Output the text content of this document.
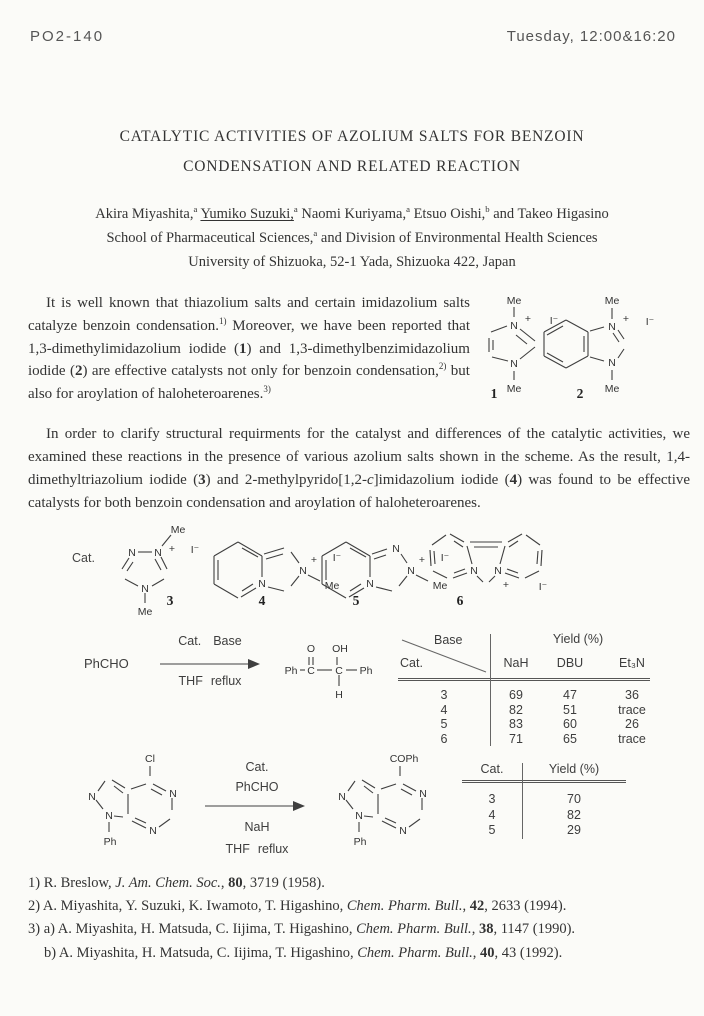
PO2-140	Tuesday, 12:00&16:20
CATALYTIC ACTIVITIES OF AZOLIUM SALTS FOR BENZOIN
CONDENSATION AND RELATED REACTION
Akira Miyashita,$^a$ Yumiko Suzuki,$^a$ Naomi Kuriyama,$^a$ Etsuo Oishi,$^b$ and Takeo Higasino
School of Pharmaceutical Sciences,$^a$ and Division of Environmental Health Sciences
University of Shizuoka, 52-1 Yada, Shizuoka 422, Japan
It is well known that thiazolium salts and certain imidazolium salts catalyze benzoin condensation.$^{1)}$ Moreover, we have been reported that 1,3-dimethylimidazolium iodide (1) and 1,3-dimethylbenzimidazolium iodide (2) are effective catalysts not only for benzoin condensation,$^{2)}$ but also for aroylation of haloheteroarenes.$^{3)}$
Me
N
+ I⁻
N
Me
1
Me
N
+ I⁻
N
Me
2
In order to clarify structural requirments for the catalyst and differences of the catalytic activities, we examined these reactions in the presence of various azolium salts shown in the scheme. As the result, 1,4-dimethyltriazolium iodide (3) and 2-methylpyrido[1,2-c]imidazolium iodide (4) was found to be effective catalysts for both benzoin condensation and aroylation of haloheteroarenes.
Cat.	N N
Me
+ I⁻
N
Me
3
N
N
+ I⁻
Me
4
N
N
N
+ I⁻
Me
5
N N
+	I⁻
6
PhCHO
Cat. Base
THF reflux
O OH
Ph C C Ph
H
Base
Cat.
Yield (%)
NaH	DBU	Et₃N
3	69	47	36
4	82	51	trace
5	83	60	26
6	71	65	trace
Cl
N
N
N
N
Ph
Cat.
PhCHO
NaH
THF reflux
COPh
N
N
N
N
Ph
Cat.	Yield (%)
3	70
4	82
5	29
1) R. Breslow, J. Am. Chem. Soc., 80, 3719 (1958).
2) A. Miyashita, Y. Suzuki, K. Iwamoto, T. Higashino, Chem. Pharm. Bull., 42, 2633 (1994).
3) a) A. Miyashita, H. Matsuda, C. Iijima, T. Higashino, Chem. Pharm. Bull., 38, 1147 (1990).
b) A. Miyashita, H. Matsuda, C. Iijima, T. Higashino, Chem. Pharm. Bull., 40, 43 (1992).
